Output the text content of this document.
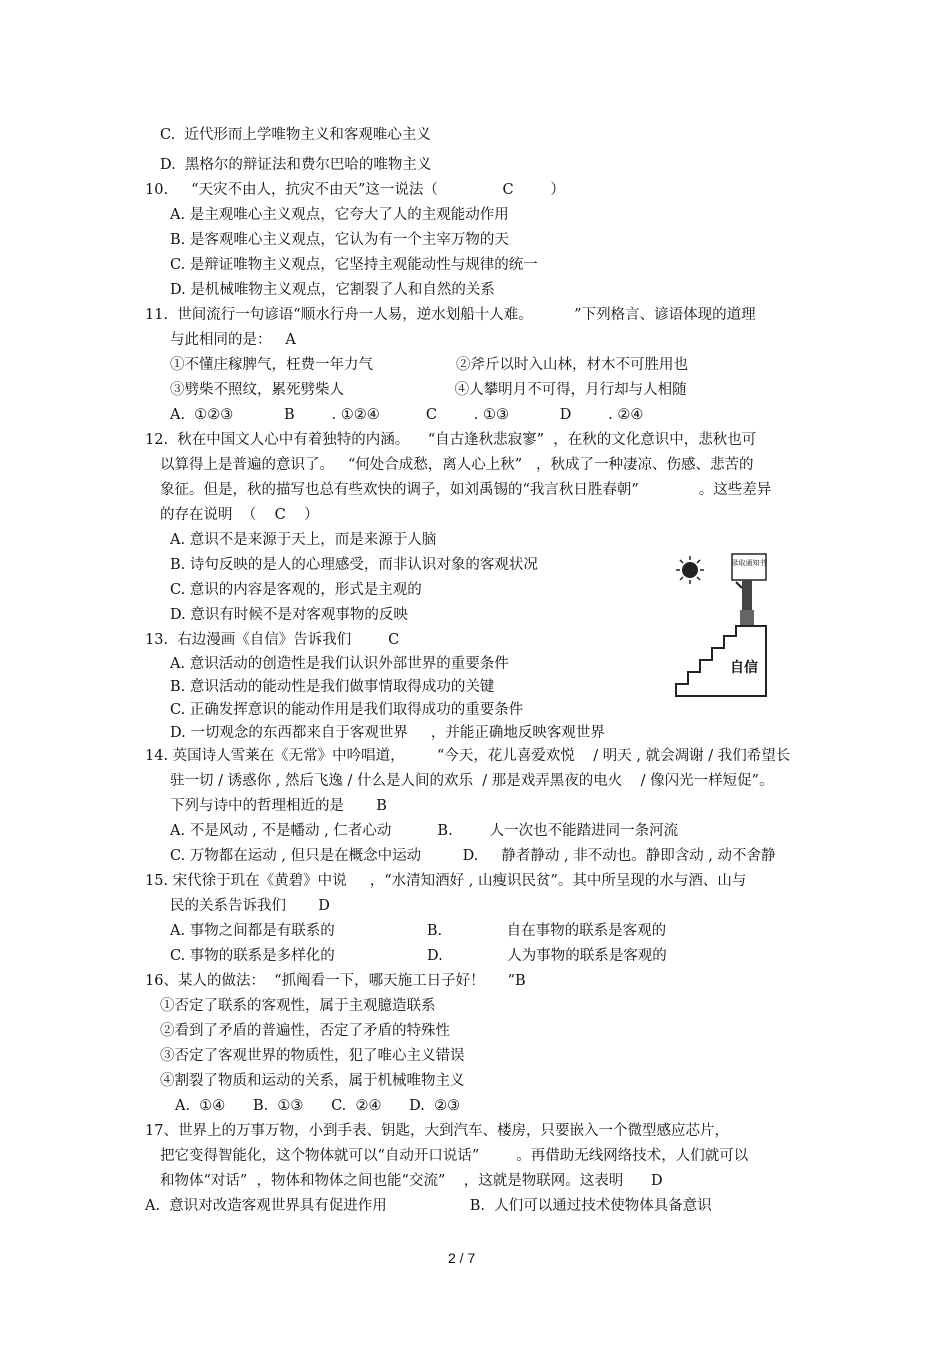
C.  近代形而上学唯物主义和客观唯心主义
D.  黑格尔的辩证法和费尔巴哈的唯物主义
10.     “天灾不由人，抗灾不由天”这一说法（              C        ）
A. 是主观唯心主义观点，它夸大了人的主观能动作用
B. 是客观唯心主义观点，它认为有一个主宰万物的天
C. 是辩证唯物主义观点，它坚持主观能动性与规律的统一
D. 是机械唯物主义观点，它割裂了人和自然的关系
11.  世间流行一句谚语“顺水行舟一人易，逆水划船十人难。         ”下列格言、谚语体现的道理
与此相同的是：   A
①不懂庄稼脾气，枉费一年力气                  ②斧斤以时入山林，材木不可胜用也
③劈柴不照纹，累死劈柴人                        ④人攀明月不可得，月行却与人相随
A.  ①②③           B        . ①②④          C        . ①③           D        . ②④
12.  秋在中国文人心中有着独特的内涵。    “自古逢秋悲寂寥”  ，在秋的文化意识中，悲秋也可
以算得上是普遍的意识了。   “何处合成愁，离人心上秋”   ，秋成了一种凄凉、伤感、悲苦的
象征。但是，秋的描写也总有些欢快的调子，如刘禹锡的“我言秋日胜春朝”             。这些差异
的存在说明  （    C    ）
A. 意识不是来源于天上，而是来源于人脑
B. 诗句反映的是人的心理感受，而非认识对象的客观状况
C. 意识的内容是客观的，形式是主观的
D. 意识有时候不是对客观事物的反映
13.  右边漫画《自信》告诉我们        C
A. 意识活动的创造性是我们认识外部世界的重要条件
B. 意识活动的能动性是我们做事情取得成功的关键
C. 正确发挥意识的能动作用是我们取得成功的重要条件
D. 一切观念的东西都来自于客观世界     ，并能正确地反映客观世界
14. 英国诗人雪莱在《无常》中吟唱道，       “今天，花儿喜爱欢悦    / 明天 , 就会凋谢 / 我们希望长
驻一切 / 诱惑你 , 然后飞逸 / 什么是人间的欢乐  / 那是戏弄黑夜的电火    / 像闪光一样短促”。
下列与诗中的哲理相近的是       B
A. 不是风动 , 不是幡动 , 仁者心动          B.        人一次也不能踏进同一条河流
C. 万物都在运动 , 但只是在概念中运动         D.     静者静动 , 非不动也。静即含动 , 动不舍静
15. 宋代徐于玑在《黄碧》中说     ，“水清知酒好 , 山瘦识民贫”。其中所呈现的水与酒、山与
民的关系告诉我们       D
A. 事物之间都是有联系的                    B.              自在事物的联系是客观的
C. 事物的联系是多样化的                    D.              人为事物的联系是客观的
16、某人的做法：  “抓阄看一下，哪天施工日子好！     ”B
①否定了联系的客观性，属于主观臆造联系
②看到了矛盾的普遍性，否定了矛盾的特殊性
③否定了客观世界的物质性，犯了唯心主义错误
④割裂了物质和运动的关系，属于机械唯物主义
A.  ①④      B.  ①③      C.  ②④      D.  ②③
17、世界上的万事万物，小到手表、钥匙，大到汽车、楼房，只要嵌入一个微型感应芯片，
把它变得智能化，这个物体就可以“自动开口说话”        。再借助无线网络技术，人们就可以
和物体“对话”  ，物体和物体之间也能“交流”    ，这就是物联网。这表明      D
A.  意识对改造客观世界具有促进作用                  B.  人们可以通过技术使物体具备意识
录取通知书
自信
2 / 7
